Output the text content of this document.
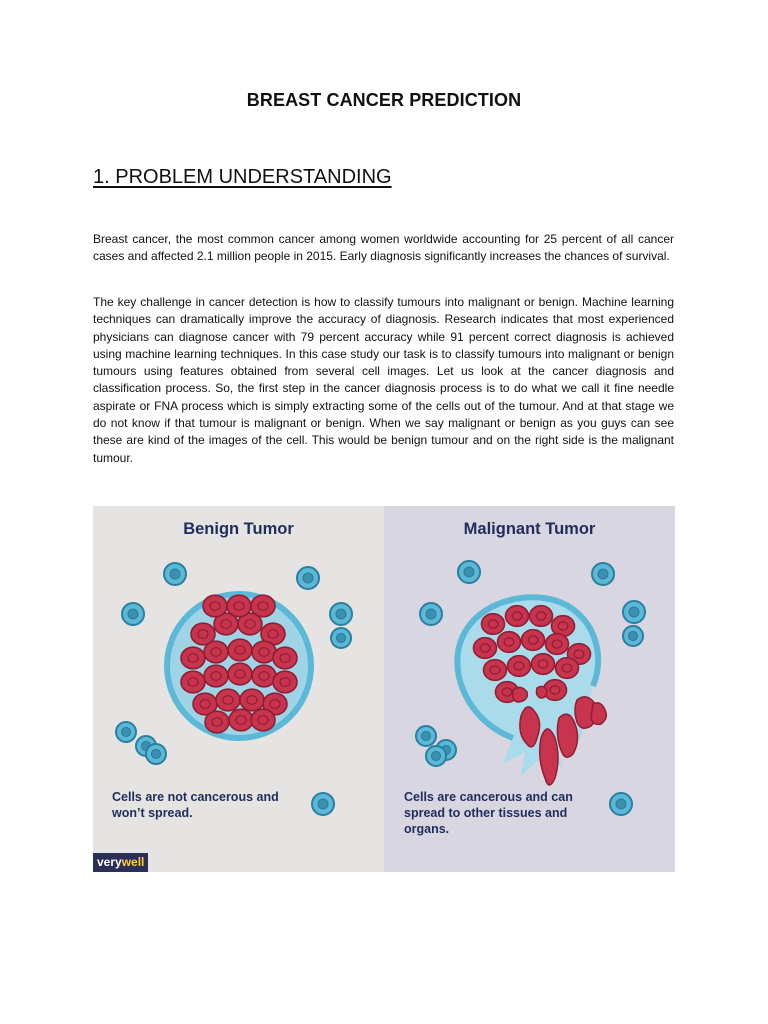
BREAST CANCER PREDICTION
1. PROBLEM UNDERSTANDING

Breast cancer, the most common cancer among women worldwide accounting for 25 percent of all cancer cases and affected 2.1 million people in 2015. Early diagnosis significantly increases the chances of survival.

The key challenge in cancer detection is how to classify tumours into malignant or benign. Machine learning techniques can dramatically improve the accuracy of diagnosis. Research indicates that most experienced physicians can diagnose cancer with 79 percent accuracy while 91 percent correct diagnosis is achieved using machine learning techniques. In this case study our task is to classify tumours into malignant or benign tumours using features obtained from several cell images. Let us look at the cancer diagnosis and classification process. So, the first step in the cancer diagnosis process is to do what we call it fine needle aspirate or FNA process which is simply extracting some of the cells out of the tumour. And at that stage we do not know if that tumour is malignant or benign. When we say malignant or benign as you guys can see these are kind of the images of the cell. This would be benign tumour and on the right side is the malignant tumour.

Benign Tumor	Malignant Tumor
Cells are not cancerous and won’t spread.
Cells are cancerous and can spread to other tissues and organs.
verywell
